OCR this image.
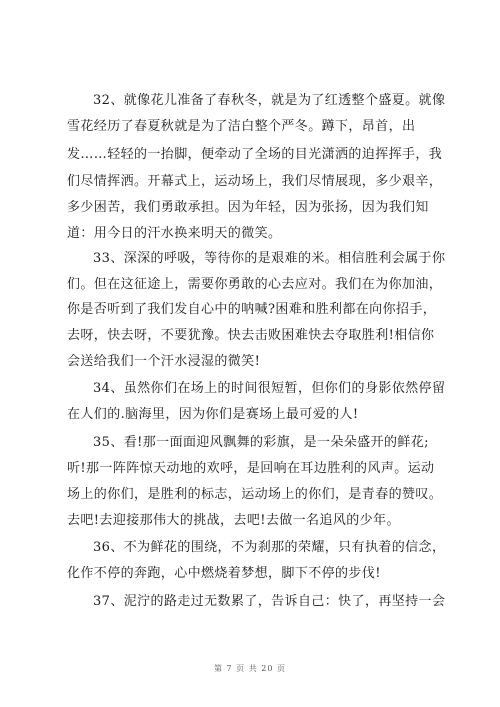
32、就像花儿准备了春秋冬，就是为了红透整个盛夏。就像
雪花经历了春夏秋就是为了洁白整个严冬。蹲下，昂首，出
发……轻轻的一抬脚，便牵动了全场的目光潇洒的迫挥挥手，我
们尽情挥洒。开幕式上，运动场上，我们尽情展现，多少艰辛，
多少困苦，我们勇敢承担。因为年轻，因为张扬，因为我们知
道：用今日的汗水换来明天的微笑。
33、深深的呼吸，等待你的是艰难的米。相信胜利会属于你
们。但在这征途上，需要你勇敢的心去应对。我们在为你加油，
你是否听到了我们发自心中的呐喊?困难和胜利都在向你招手，
去呀，快去呀，不要犹豫。快去击败困难快去夺取胜利!相信你
会送给我们一个汗水浸湿的微笑!
34、虽然你们在场上的时间很短暂，但你们的身影依然停留
在人们的.脑海里，因为你们是赛场上最可爱的人!
35、看!那一面面迎风飘舞的彩旗，是一朵朵盛开的鲜花;
听!那一阵阵惊天动地的欢呼，是回响在耳边胜利的风声。运动
场上的你们，是胜利的标志，运动场上的你们，是青春的赞叹。
去吧!去迎接那伟大的挑战，去吧!去做一名追风的少年。
36、不为鲜花的围绕，不为刹那的荣耀，只有执着的信念，
化作不停的奔跑，心中燃烧着梦想，脚下不停的步伐!
37、泥泞的路走过无数累了，告诉自己：快了，再坚持一会
第 7 页 共 20 页
